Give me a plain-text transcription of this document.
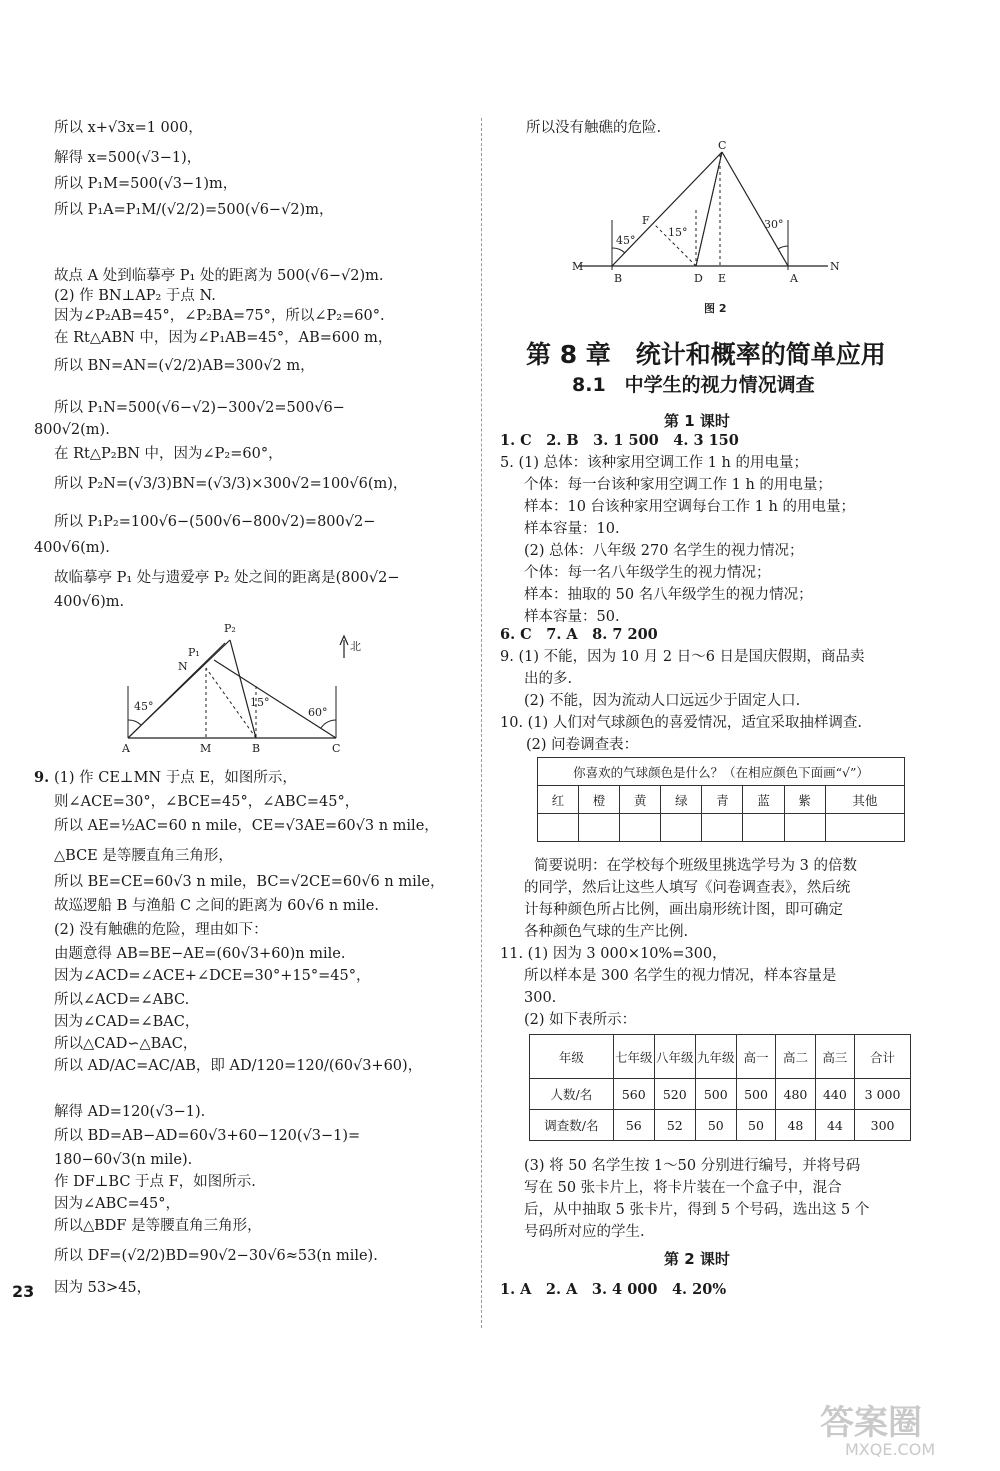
所以 x+√3x=1 000，
解得 x=500(√3−1)，
所以 P₁M=500(√3−1)m，
所以 P₁A=P₁M/(√2/2)=500(√6−√2)m，
故点 A 处到临摹亭 P₁ 处的距离为 500(√6−√2)m.
(2) 作 BN⊥AP₂ 于点 N.
因为∠P₂AB=45°，∠P₂BA=75°，所以∠P₂=60°.
在 Rt△ABN 中，因为∠P₁AB=45°，AB=600 m，
所以 BN=AN=(√2/2)AB=300√2 m，
所以 P₁N=500(√6−√2)−300√2=500√6−
800√2(m).
在 Rt△P₂BN 中，因为∠P₂=60°，
所以 P₂N=(√3/3)BN=(√3/3)×300√2=100√6(m)，
所以 P₁P₂=100√6−(500√6−800√2)=800√2−
400√6(m).
故临摹亭 P₁ 处与遗爱亭 P₂ 处之间的距离是(800√2−
400√6)m.
北
A	M	B	C
N
P₁
P₂
45°	15°
60°
9. (1) 作 CE⊥MN 于点 E，如图所示，
则∠ACE=30°，∠BCE=45°，∠ABC=45°，
所以 AE=½AC=60 n mile，CE=√3AE=60√3 n mile，
△BCE 是等腰直角三角形，
所以 BE=CE=60√3 n mile，BC=√2CE=60√6 n mile，
故巡逻船 B 与渔船 C 之间的距离为 60√6 n mile.
(2) 没有触礁的危险，理由如下：
由题意得 AB=BE−AE=(60√3+60)n mile.
因为∠ACD=∠ACE+∠DCE=30°+15°=45°，
所以∠ACD=∠ABC.
因为∠CAD=∠BAC，
所以△CAD∽△BAC，
所以 AD/AC=AC/AB，即 AD/120=120/(60√3+60)，
解得 AD=120(√3−1).
所以 BD=AB−AD=60√3+60−120(√3−1)=
180−60√3(n mile).
作 DF⊥BC 于点 F，如图所示.
因为∠ABC=45°，
所以△BDF 是等腰直角三角形，
所以 DF=(√2/2)BD=90√2−30√6≈53(n mile).
因为 53>45，
所以没有触礁的危险.
C
F
15°
30°
45°
M
B	D E	A
N
图 2
第 8 章　统计和概率的简单应用
8.1　中学生的视力情况调查
第 1 课时
1. C　2. B　3. 1 500　4. 3 150
5. (1) 总体：该种家用空调工作 1 h 的用电量；
个体：每一台该种家用空调工作 1 h 的用电量；
样本：10 台该种家用空调每台工作 1 h 的用电量；
样本容量：10.
(2) 总体：八年级 270 名学生的视力情况；
个体：每一名八年级学生的视力情况；
样本：抽取的 50 名八年级学生的视力情况；
样本容量：50.
6. C　7. A　8. 7 200
9. (1) 不能，因为 10 月 2 日～6 日是国庆假期，商品卖
出的多.
(2) 不能，因为流动人口远远少于固定人口.
10. (1) 人们对气球颜色的喜爱情况，适宜采取抽样调查.
(2) 问卷调查表：
简要说明：在学校每个班级里挑选学号为 3 的倍数
的同学，然后让这些人填写《问卷调查表》，然后统
计每种颜色所占比例，画出扇形统计图，即可确定
各种颜色气球的生产比例.
11. (1) 因为 3 000×10%=300，
所以样本是 300 名学生的视力情况，样本容量是
300.
(2) 如下表所示：
(3) 将 50 名学生按 1～50 分别进行编号，并将号码
写在 50 张卡片上，将卡片装在一个盒子中，混合
后，从中抽取 5 张卡片，得到 5 个号码，选出这 5 个
号码所对应的学生.
你喜欢的气球颜色是什么？（在相应颜色下面画“√”）							
红	橙	黄	绿	青	蓝	紫	其他

年级	七年级	八年级	九年级	高一	高二	高三	合计
人数/名	560	520	500	500	480	440	3 000
调查数/名	56	52	50	50	48	44	300
第 2 课时
1. A　2. A　3. 4 000　4. 20%
23
答案圈
MXQE.COM
